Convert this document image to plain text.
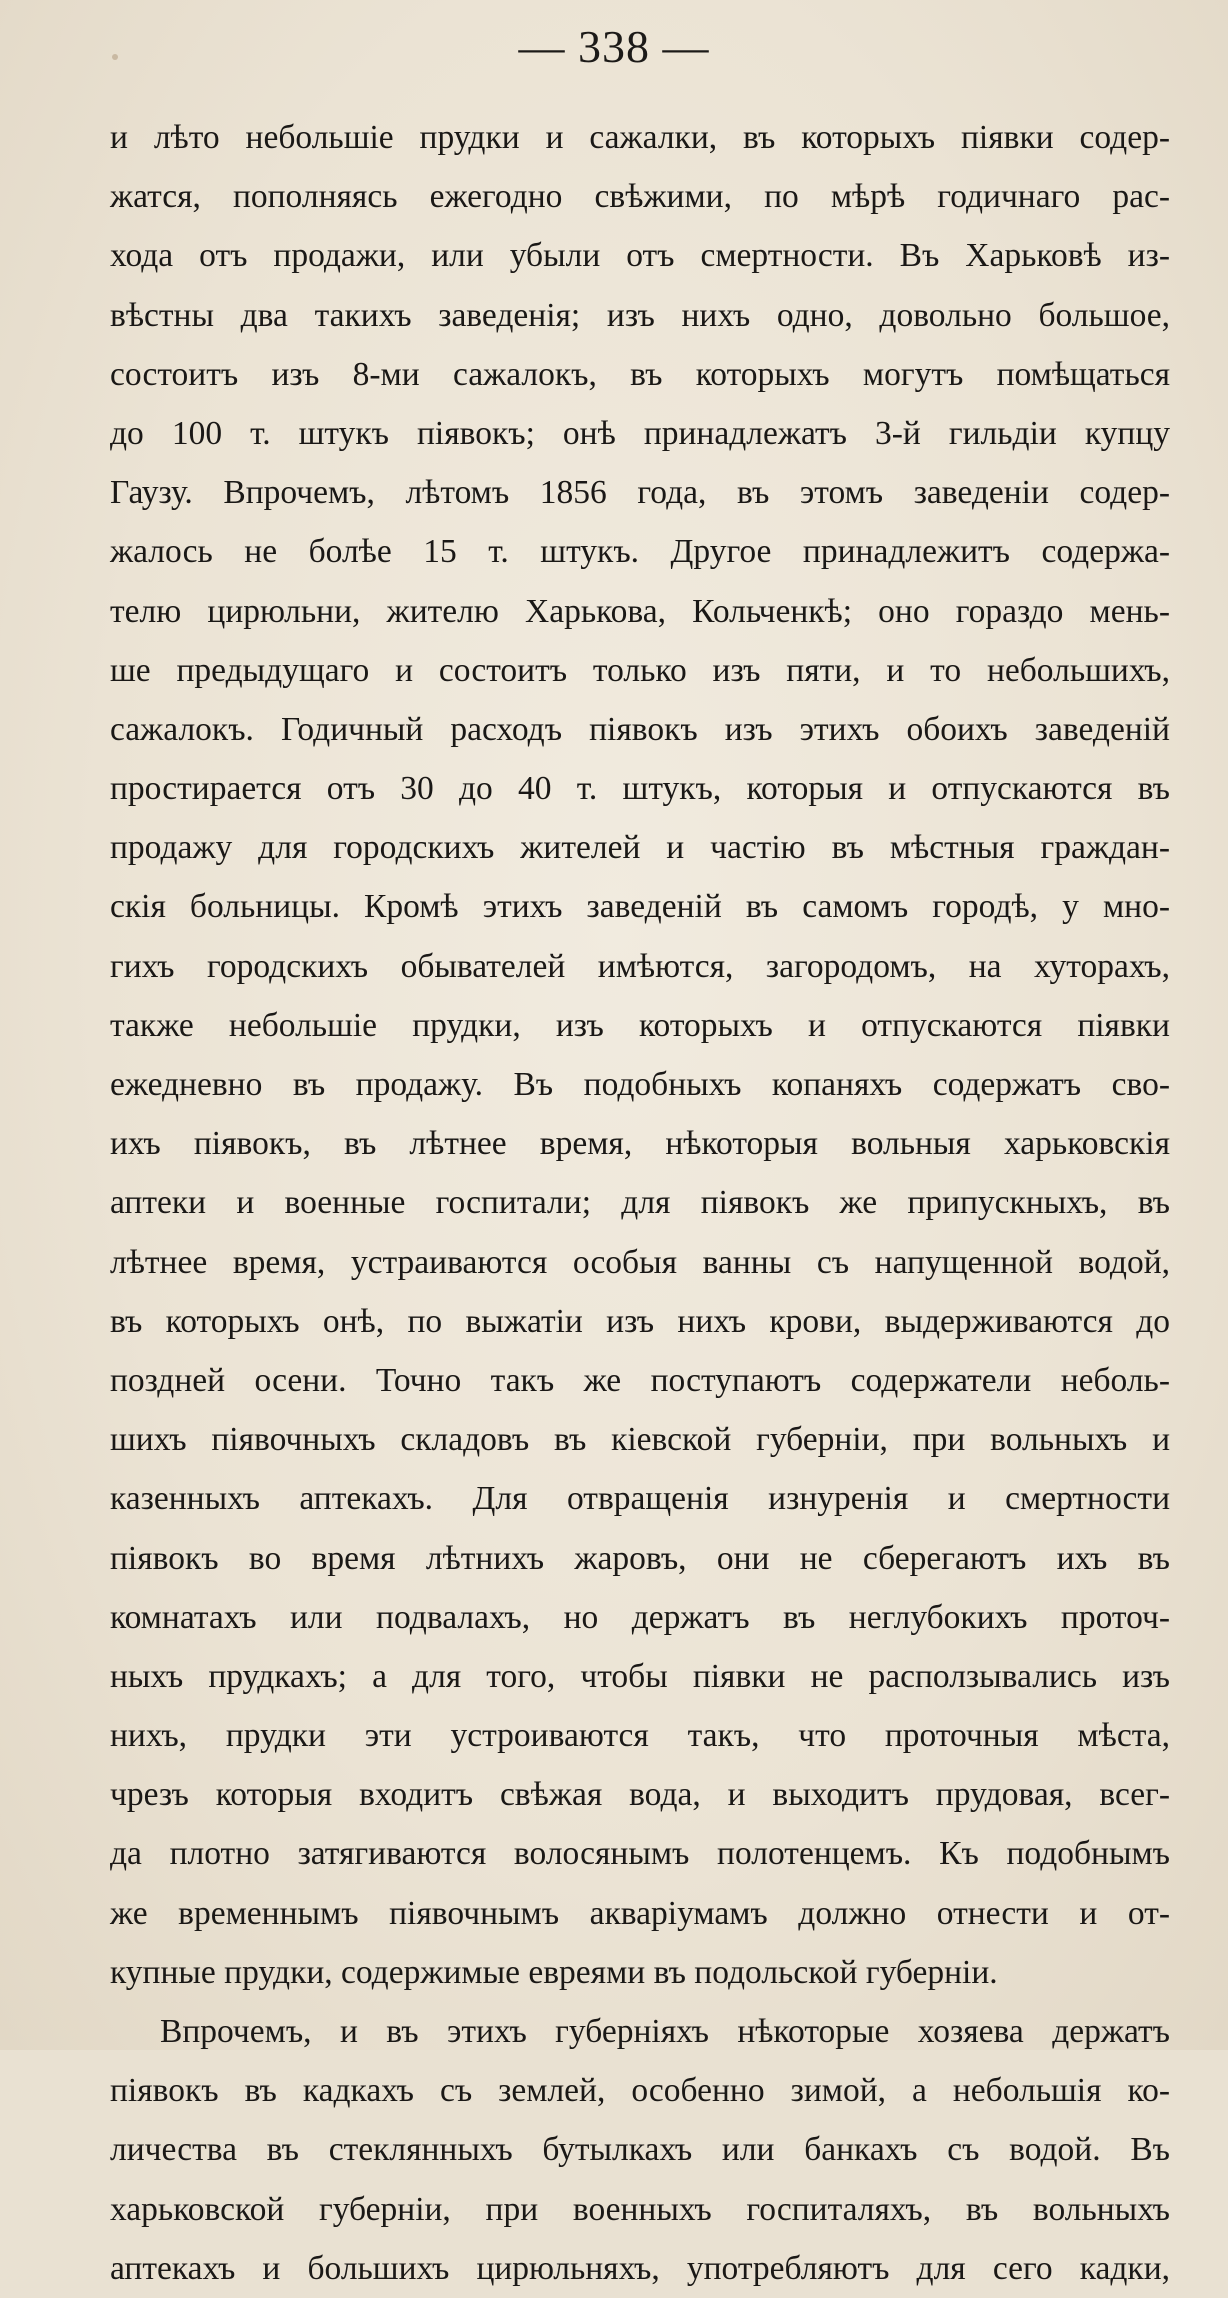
— 338 —
и лѣто небольшіе прудки и сажалки, въ которыхъ піявки содер-
жатся, пополняясь ежегодно свѣжими, по мѣрѣ годичнаго рас-
хода отъ продажи, или убыли отъ смертности. Въ Харьковѣ из-
вѣстны два такихъ заведенія; изъ нихъ одно, довольно большое,
состоитъ изъ 8-ми сажалокъ, въ которыхъ могутъ помѣщаться
до 100 т. штукъ піявокъ; онѣ принадлежатъ 3-й гильдіи купцу
Гаузу. Впрочемъ, лѣтомъ 1856 года, въ этомъ заведеніи содер-
жалось не болѣе 15 т. штукъ. Другое принадлежитъ содержа-
телю цирюльни, жителю Харькова, Кольченкѣ; оно гораздо мень-
ше предыдущаго и состоитъ только изъ пяти, и то небольшихъ,
сажалокъ. Годичный расходъ піявокъ изъ этихъ обоихъ заведеній
простирается отъ 30 до 40 т. штукъ, которыя и отпускаются въ
продажу для городскихъ жителей и частію въ мѣстныя граждан-
скія больницы. Кромѣ этихъ заведеній въ самомъ городѣ, у мно-
гихъ городскихъ обывателей имѣются, загородомъ, на хуторахъ,
также небольшіе прудки, изъ которыхъ и отпускаются піявки
ежедневно въ продажу. Въ подобныхъ копаняхъ содержатъ сво-
ихъ піявокъ, въ лѣтнее время, нѣкоторыя вольныя харьковскія
аптеки и военные госпитали; для піявокъ же припускныхъ, въ
лѣтнее время, устраиваются особыя ванны съ напущенной водой,
въ которыхъ онѣ, по выжатіи изъ нихъ крови, выдерживаются до
поздней осени. Точно такъ же поступаютъ содержатели неболь-
шихъ піявочныхъ складовъ въ кіевской губерніи, при вольныхъ и
казенныхъ аптекахъ. Для отвращенія изнуренія и смертности
піявокъ во время лѣтнихъ жаровъ, они не сберегаютъ ихъ въ
комнатахъ или подвалахъ, но держатъ въ неглубокихъ проточ-
ныхъ прудкахъ; а для того, чтобы піявки не расползывались изъ
нихъ, прудки эти устроиваются такъ, что проточныя мѣста,
чрезъ которыя входитъ свѣжая вода, и выходитъ прудовая, всег-
да плотно затягиваются волосянымъ полотенцемъ. Къ подобнымъ
же временнымъ піявочнымъ акваріумамъ должно отнести и от-
купные прудки, содержимые евреями въ подольской губерніи.
Впрочемъ, и въ этихъ губерніяхъ нѣкоторые хозяева держатъ
піявокъ въ кадкахъ съ землей, особенно зимой, а небольшія ко-
личества въ стеклянныхъ бутылкахъ или банкахъ съ водой. Въ
харьковской губерніи, при военныхъ госпиталяхъ, въ вольныхъ
аптекахъ и большихъ цирюльняхъ, употребляютъ для сего кадки,
